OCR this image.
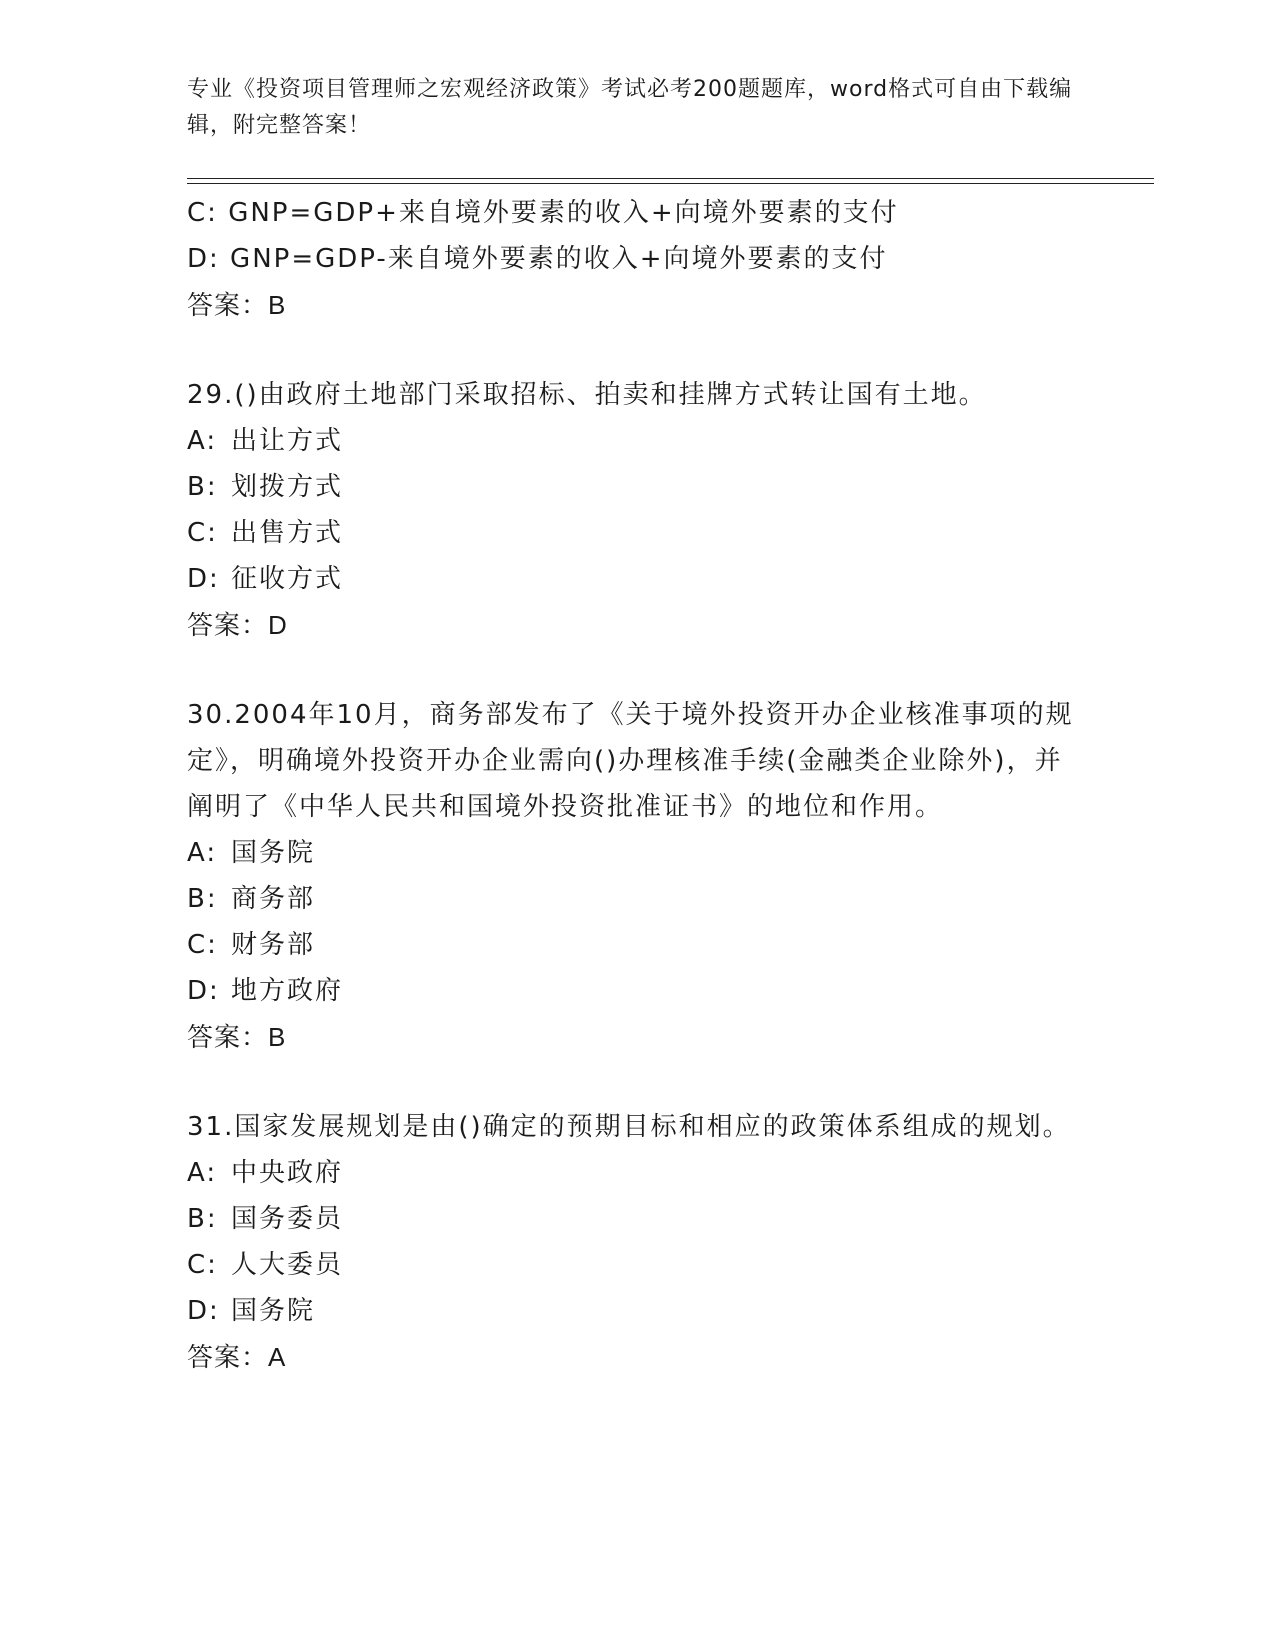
专业《投资项目管理师之宏观经济政策》考试必考200题题库，word格式可自由下载编辑，附完整答案！
C: GNP=GDP+来自境外要素的收入+向境外要素的支付
D: GNP=GDP-来自境外要素的收入+向境外要素的支付
答案：B
29.()由政府土地部门采取招标、拍卖和挂牌方式转让国有土地。
A: 出让方式
B: 划拨方式
C: 出售方式
D: 征收方式
答案：D
30.2004年10月，商务部发布了《关于境外投资开办企业核准事项的规定》，明确境外投资开办企业需向()办理核准手续(金融类企业除外)，并阐明了《中华人民共和国境外投资批准证书》的地位和作用。
A: 国务院
B: 商务部
C: 财务部
D: 地方政府
答案：B
31.国家发展规划是由()确定的预期目标和相应的政策体系组成的规划。
A: 中央政府
B: 国务委员
C: 人大委员
D: 国务院
答案：A
